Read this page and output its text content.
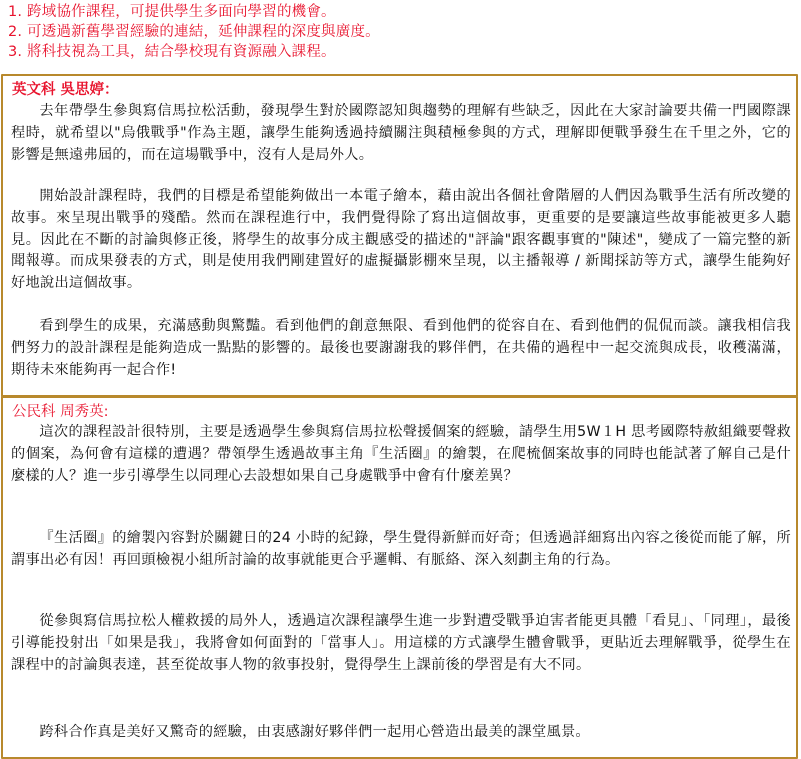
1. 跨域協作課程，可提供學生多面向學習的機會。
2. 可透過新舊學習經驗的連結，延伸課程的深度與廣度。
3. 將科技視為工具，結合學校現有資源融入課程。
英文科 吳思婷：

去年帶學生參與寫信馬拉松活動，發現學生對於國際認知與趨勢的理解有些缺乏，因此在大家討論要共備一門國際課程時，就希望以"烏俄戰爭"作為主題，讓學生能夠透過持續關注與積極參與的方式，理解即便戰爭發生在千里之外，它的影響是無遠弗屆的，而在這場戰爭中，沒有人是局外人。

開始設計課程時，我們的目標是希望能夠做出一本電子繪本，藉由說出各個社會階層的人們因為戰爭生活有所改變的故事。來呈現出戰爭的殘酷。然而在課程進行中，我們覺得除了寫出這個故事，更重要的是要讓這些故事能被更多人聽見。因此在不斷的討論與修正後，將學生的故事分成主觀感受的描述的"評論"跟客觀事實的"陳述"，變成了一篇完整的新聞報導。而成果發表的方式，則是使用我們剛建置好的虛擬攝影棚來呈現，以主播報導 / 新聞採訪等方式，讓學生能夠好好地說出這個故事。

看到學生的成果，充滿感動與驚豔。看到他們的創意無限、看到他們的從容自在、看到他們的侃侃而談。讓我相信我們努力的設計課程是能夠造成一點點的影響的。最後也要謝謝我的夥伴們，在共備的過程中一起交流與成長，收穫滿滿，期待未來能夠再一起合作!

公民科 周秀英:

這次的課程設計很特別，主要是透過學生參與寫信馬拉松聲援個案的經驗，請學生用5W１H 思考國際特赦組織要聲救的個案，為何會有這樣的遭遇？帶領學生透過故事主角『生活圈』的繪製，在爬梳個案故事的同時也能試著了解自己是什麼樣的人？進一步引導學生以同理心去設想如果自己身處戰爭中會有什麼差異？

『生活圈』的繪製內容對於關鍵日的24 小時的紀錄，學生覺得新鮮而好奇；但透過詳細寫出內容之後從而能了解，所謂事出必有因！再回頭檢視小組所討論的故事就能更合乎邏輯、有脈絡、深入刻劃主角的行為。

從參與寫信馬拉松人權救援的局外人，透過這次課程讓學生進一步對遭受戰爭迫害者能更具體「看見」、「同理」，最後引導能投射出「如果是我」，我將會如何面對的「當事人」。用這樣的方式讓學生體會戰爭，更貼近去理解戰爭，從學生在課程中的討論與表達，甚至從故事人物的敘事投射，覺得學生上課前後的學習是有大不同。

跨科合作真是美好又驚奇的經驗，由衷感謝好夥伴們一起用心營造出最美的課堂風景。
